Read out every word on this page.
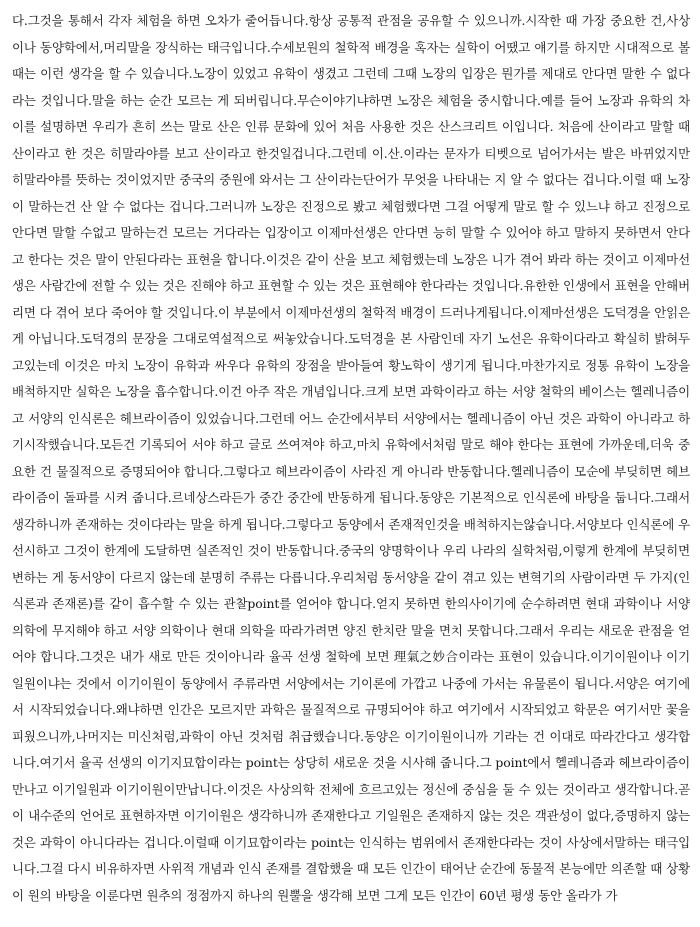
다.그것을 통해서 각자 체험을 하면 오차가 줄어듭니다.항상 공통적 관점을 공유할 수 있으니까.시작한 때 가장 중요한 건,사상이나 동양학에서,머리말을 장식하는 태극입니다.수세보원의 철학적 배경을 혹자는 실학이 어땠고 얘기를 하지만 시대적으로 볼 때는 이런 생각을 할 수 있습니다.노장이 있었고 유학이 생겼고 그런데 그때 노장의 입장은 뭔가를 제대로 안다면 말한 수 없다라는 것입니다.말을 하는 순간 모르는 게 되버립니다.무슨이야기냐하면 노장은 체험을 중시합니다.예를 들어 노장과 유학의 차이를 설명하면 우리가 흔히 쓰는 말로 산은 인류 문화에 있어 처음 사용한 것은 산스크리트 이입니다. 처음에 산이라고 말할 때 산이라고 한 것은 히말라야를 보고 산이라고 한것일겁니다.그런데 이.산.이라는 문자가 티벳으로 넘어가서는 발은 바뀌었지만 히말라야를 뜻하는 것이었지만 중국의 중원에 와서는 그 산이라는단어가 무엇을 나타내는 지 알 수 없다는 겁니다.이럴 때 노장이 말하는건 산 알 수 없다는 겁니다.그러니까 노장은 진정으로 봤고 체험했다면 그걸 어떻게 말로 할 수 있느냐 하고 진정으로 안다면 말할 수없고 말하는건 모르는 거다라는 입장이고 이제마선생은 안다면 능히 말할 수 있어야 하고 말하지 못하면서 안다고 한다는 것은 말이 안된다라는 표현을 합니다.이것은 같이 산을 보고 체험했는데 노장은 니가 겪어 봐라 하는 것이고 이제마선생은 사람간에 전할 수 있는 것은 진해야 하고 표현할 수 있는 것은 표현해야 한다라는 것입니다.유한한 인생에서 표현을 안해버리면 다 겪어 보다 죽어야 할 것입니다.이 부분에서 이제마선생의 철학적 배경이 드러나게됩니다.이제마선생은 도덕경을 안읽은게 아닙니다.도덕경의 문장을 그대로역설적으로 써놓았습니다.도덕경을 본 사람인데 자기 노선은 유학이다라고 확실히 밝혀두고있는데 이것은 마치 노장이 유학과 싸우다 유학의 장점을 받아들여 황노학이 생기게 됩니다.마찬가지로 정통 유학이 노장을 배척하지만 실학은 노장을 흡수합니다.이건 아주 작은 개념입니다.크게 보면 과학이라고 하는 서양 철학의 베이스는 헬레니즘이고 서양의 인식론은 헤브라이즘이 있었습니다.그런데 어느 순간에서부터 서양에서는 헬레니즘이 아닌 것은 과학이 아니라고 하기시작했습니다.모든건 기록되어 서야 하고 글로 쓰여져야 하고,마치 유학에서처럼 말로 해야 한다는 표현에 가까운데,더욱 중요한 건 물질적으로 증명되어야 합니다.그렇다고 헤브라이즘이 사라진 게 아니라 반동합니다.헬레니즘이 모순에 부딪히면 헤브라이즘이 돌파를 시켜 줍니다.르네상스라든가 중간 중간에 반동하게 됩니다.동양은 기본적으로 인식론에 바탕을 둡니다.그래서 생각하니까 존재하는 것이다라는 말을 하게 됩니다.그렇다고 동양에서 존재적인것을 배척하지는않습니다.서양보다 인식론에 우선시하고 그것이 한계에 도달하면 실존적인 것이 반동합니다.중국의 양명학이나 우리 나라의 실학처럼,이렇게 한계에 부딪히면 변하는 게 동서양이 다르지 않는데 분명히 주류는 다릅니다.우리처럼 동서양을 같이 겪고 있는 변혁기의 사람이라면 두 가지(인식론과 존재론)를 같이 흡수할 수 있는 관찰point를 얻어야 합니다.얻지 못하면 한의사이기에 순수하려면 현대 과학이나 서양 의학에 무지해야 하고 서양 의학이나 현대 의학을 따라가려면 양진 한치란 말을 면치 못합니다.그래서 우리는 새로운 관점을 얻어야 합니다.그것은 내가 새로 만든 것이아니라 율곡 선생 철학에 보면 理氣之妙合이라는 표현이 있습니다.이기이원이나 이기일원이냐는 것에서 이기이원이 동양에서 주류라면 서양에서는 기이론에 가깝고 나중에 가서는 유물론이 됩니다.서양은 여기에서 시작되었습니다.왜냐하면 인간은 모르지만 과학은 물질적으로 규명되어야 하고 여기에서 시작되었고 학문은 여기서만 꽃을 피웠으니까,나머지는 미신처럼,과학이 아닌 것처럼 취급했습니다.동양은 이기이원이니까 기라는 건 이대로 따라간다고 생각합니다.여기서 율곡 선생의 이기지묘합이라는 point는 상당히 새로운 것을 시사해 줍니다.그 point에서 헬레니즘과 헤브라이즘이 만나고 이기일원과 이기이원이만납니다.이것은 사상의학 전체에 흐르고있는 정신에 중심을 둘 수 있는 것이라고 생각합니다.곧이 내수준의 언어로 표현하자면 이기이원은 생각하니까 존재한다고 기일원은 존재하지 않는 것은 객관성이 없다,증명하지 않는 것은 과학이 아니다라는 겁니다.이럴때 이기묘합이라는 point는 인식하는 범위에서 존재한다라는 것이 사상에서말하는 태극입니다.그걸 다시 비유하자면 사위적 개념과 인식 존재를 결합했을 때 모든 인간이 태어난 순간에 동물적 본능에만 의존할 때 상황이 원의 바탕을 이룬다면 원추의 정점까지 하나의 원뿔을 생각해 보면 그게 모든 인간이 60년 평생 동안 올라가 가
